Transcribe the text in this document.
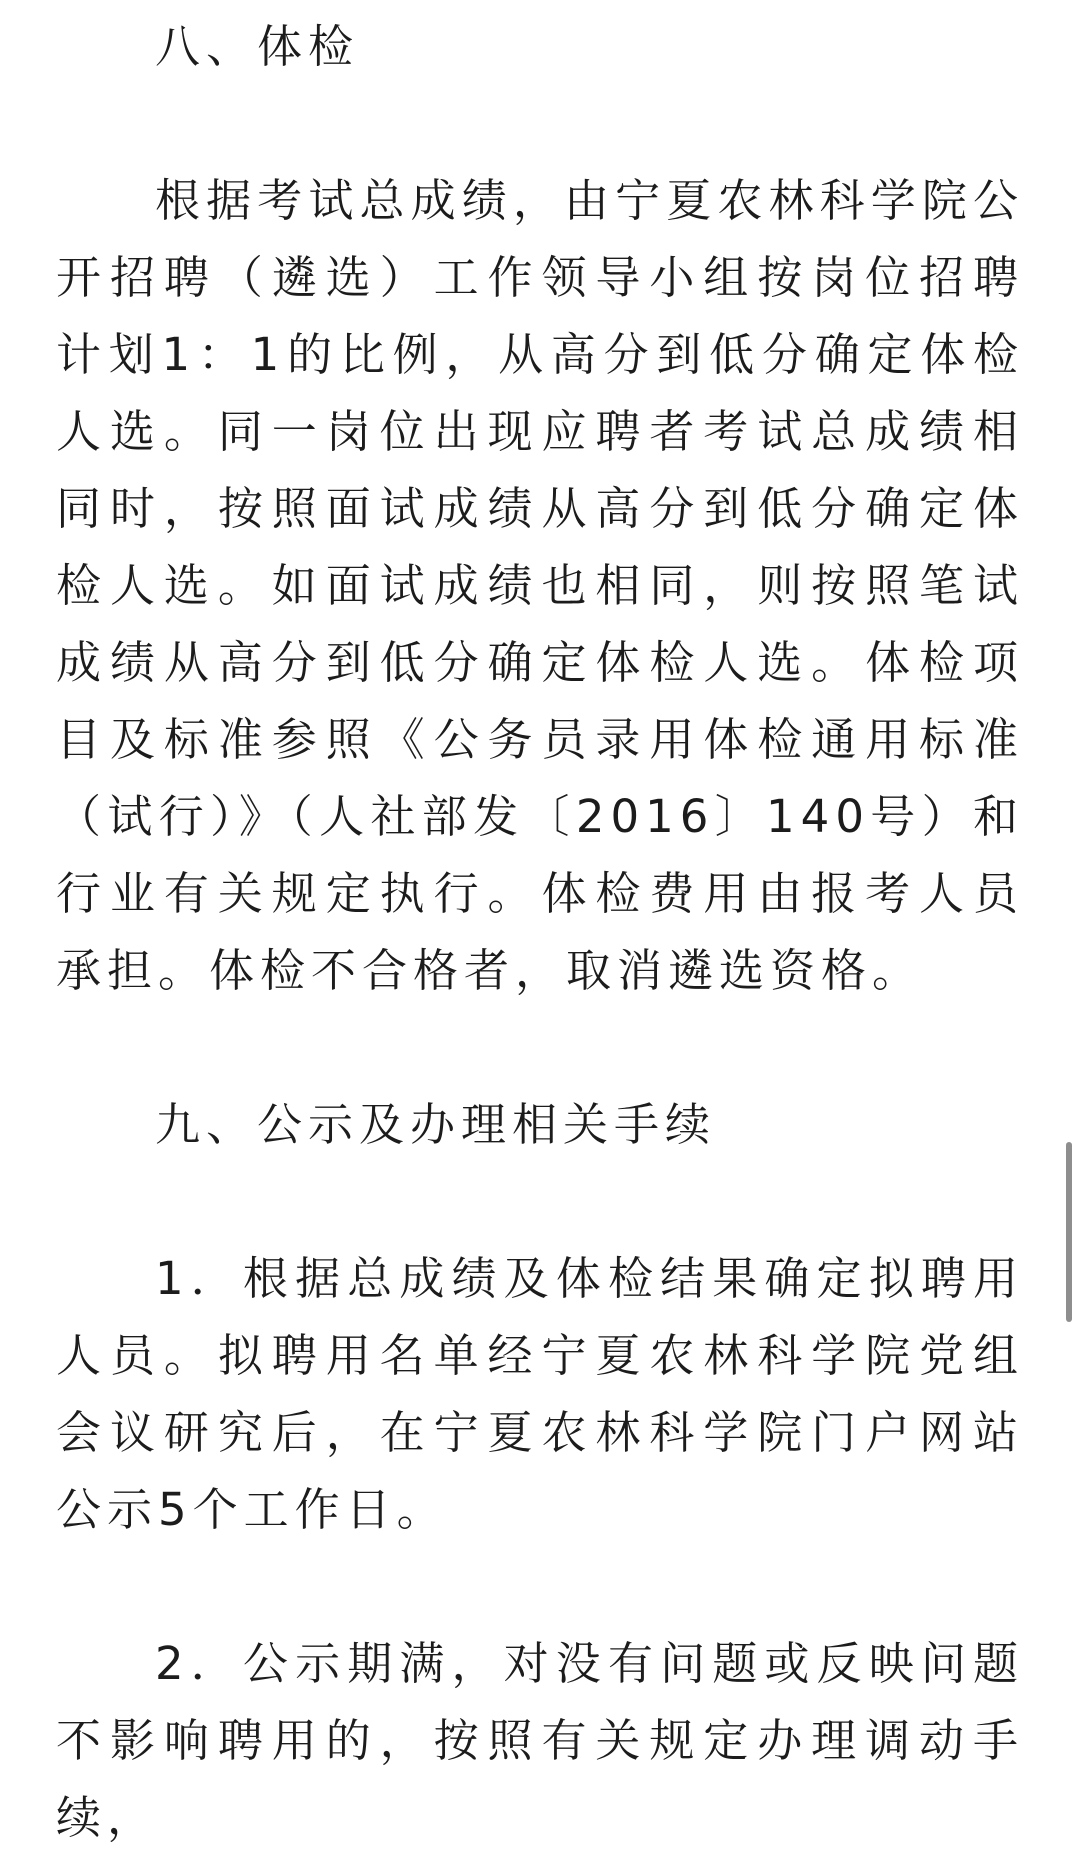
八、体检

根据考试总成绩，由宁夏农林科学院公开招聘（遴选）工作领导小组按岗位招聘计划1：1的比例，从高分到低分确定体检人选。同一岗位出现应聘者考试总成绩相同时，按照面试成绩从高分到低分确定体检人选。如面试成绩也相同，则按照笔试成绩从高分到低分确定体检人选。体检项目及标准参照《公务员录用体检通用标准（试行）》（人社部发〔2016〕140号）和行业有关规定执行。体检费用由报考人员承担。体检不合格者，取消遴选资格。

九、公示及办理相关手续

1．根据总成绩及体检结果确定拟聘用人员。拟聘用名单经宁夏农林科学院党组会议研究后，在宁夏农林科学院门户网站公示5个工作日。

2．公示期满，对没有问题或反映问题不影响聘用的，按照有关规定办理调动手续，
